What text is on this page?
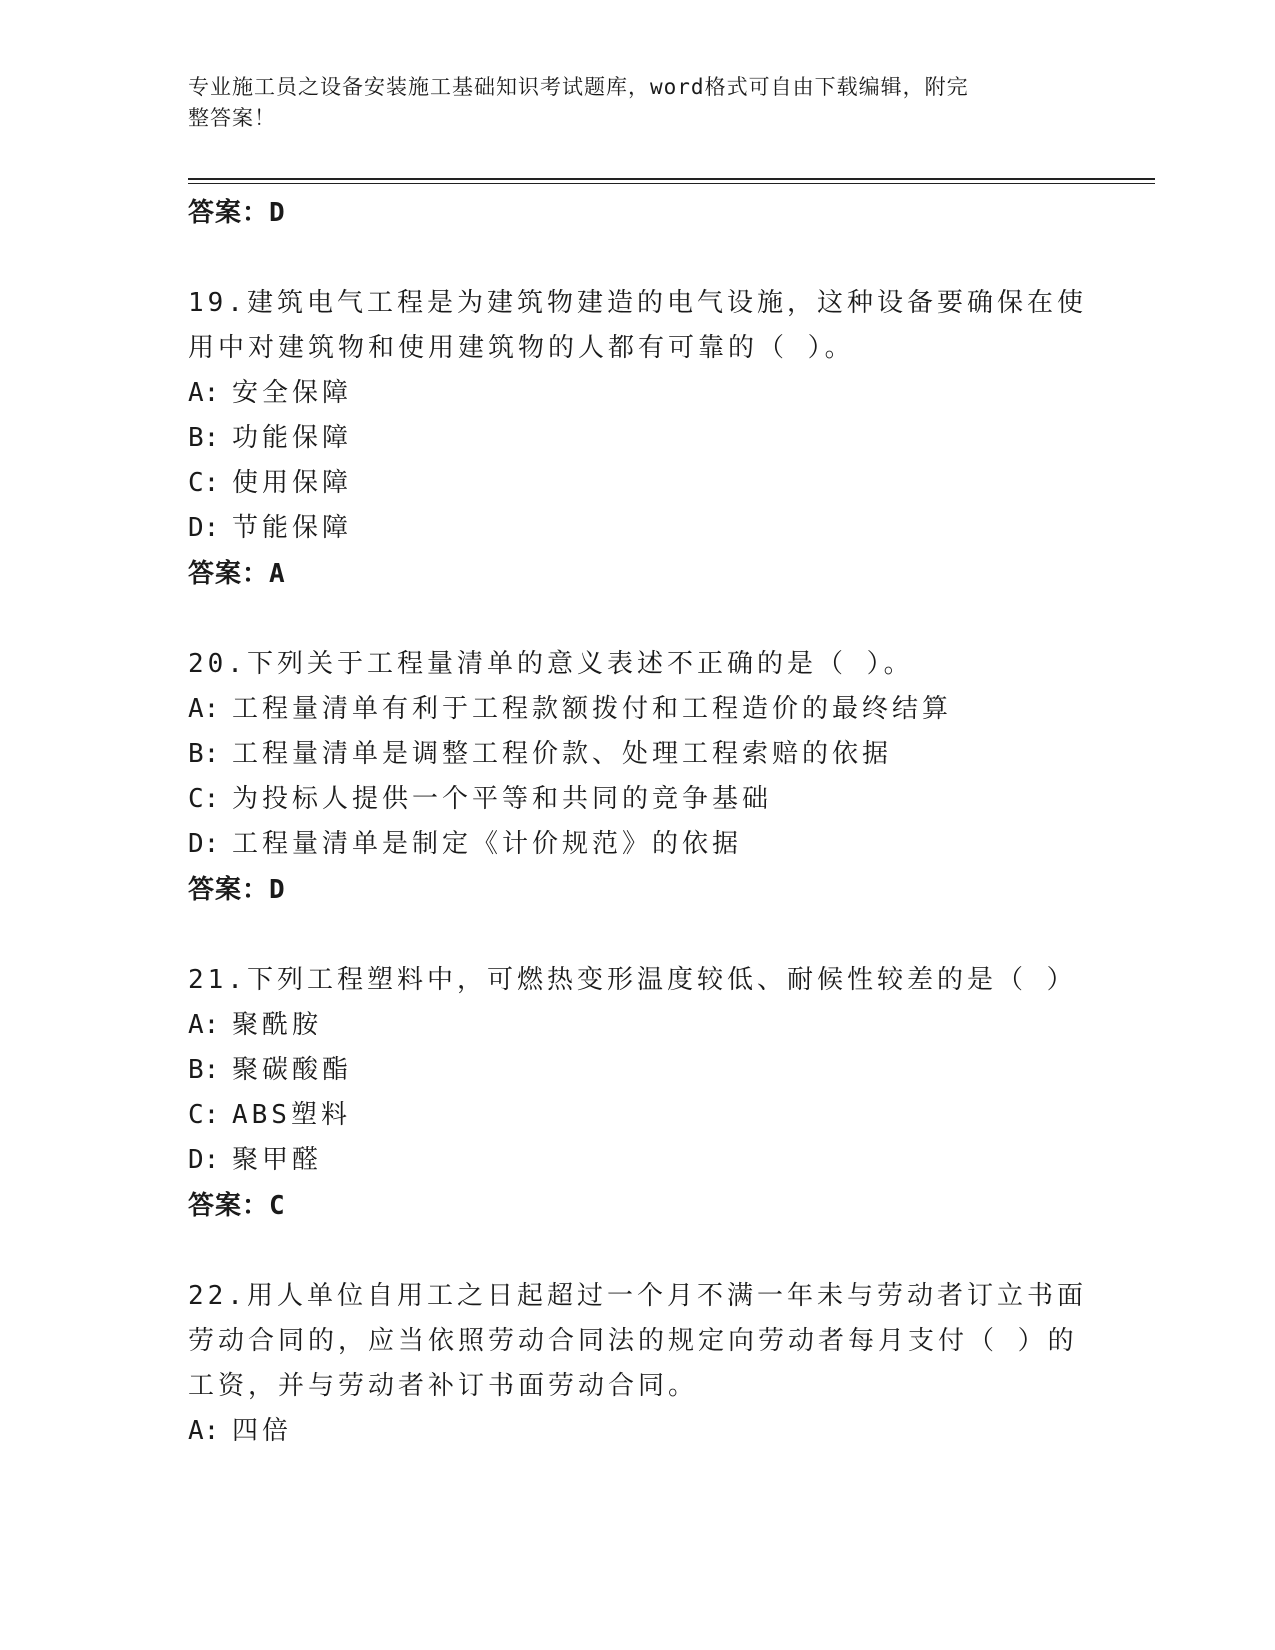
专业施工员之设备安装施工基础知识考试题库，word格式可自由下载编辑，附完
整答案！
答案：D
19.建筑电气工程是为建筑物建造的电气设施，这种设备要确保在使用中对建筑物和使用建筑物的人都有可靠的（ ）。
A: 安全保障
B: 功能保障
C: 使用保障
D: 节能保障
答案：A
20.下列关于工程量清单的意义表述不正确的是（ ）。
A: 工程量清单有利于工程款额拨付和工程造价的最终结算
B: 工程量清单是调整工程价款、处理工程索赔的依据
C: 为投标人提供一个平等和共同的竞争基础
D: 工程量清单是制定《计价规范》的依据
答案：D
21.下列工程塑料中，可燃热变形温度较低、耐候性较差的是（ ）
A: 聚酰胺
B: 聚碳酸酯
C: ABS塑料
D: 聚甲醛
答案：C
22.用人单位自用工之日起超过一个月不满一年未与劳动者订立书面劳动合同的，应当依照劳动合同法的规定向劳动者每月支付（ ）的工资，并与劳动者补订书面劳动合同。
A: 四倍
